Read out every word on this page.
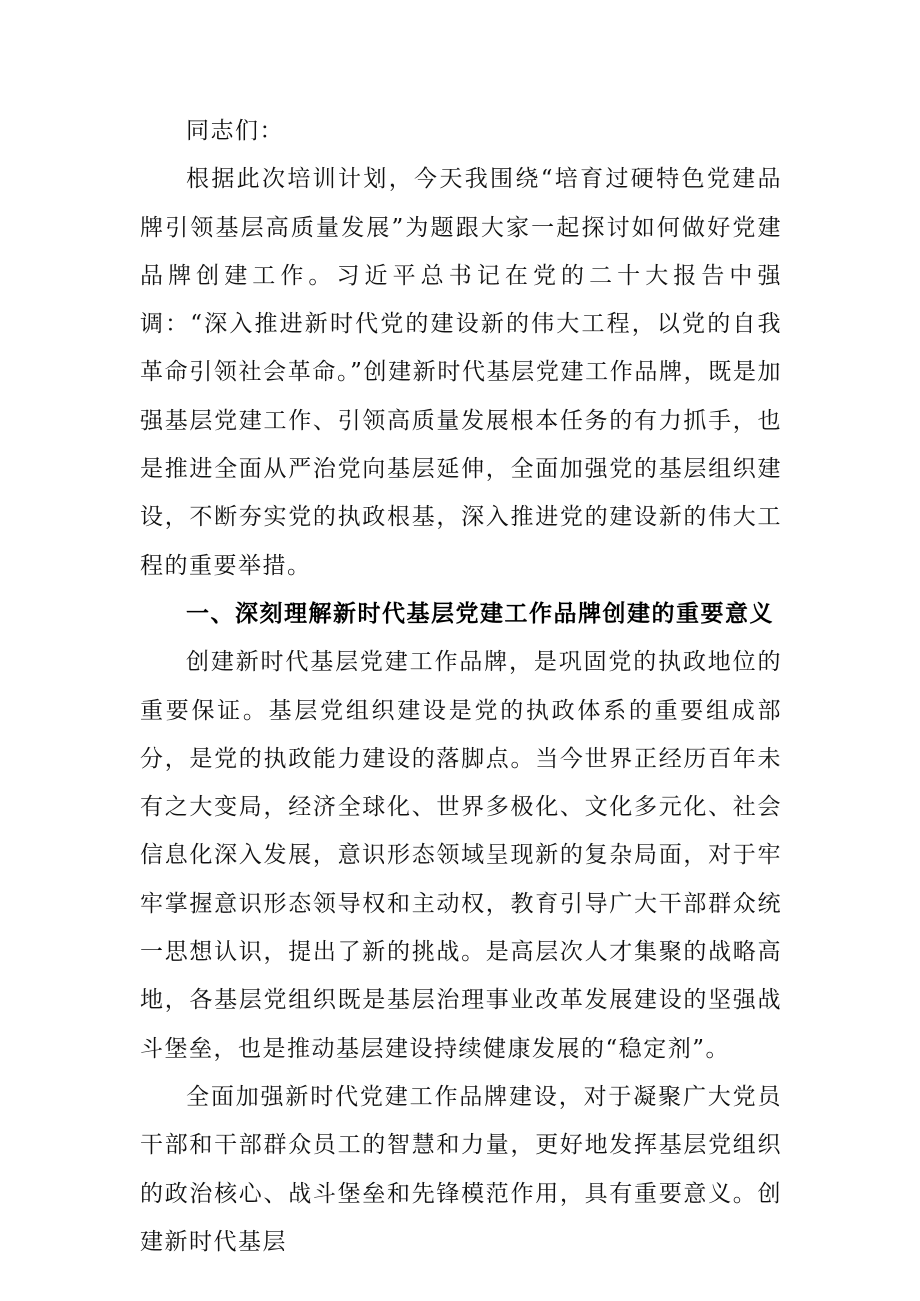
同志们：

根据此次培训计划，今天我围绕“培育过硬特色党建品牌引领基层高质量发展”为题跟大家一起探讨如何做好党建品牌创建工作。习近平总书记在党的二十大报告中强调：“深入推进新时代党的建设新的伟大工程，以党的自我革命引领社会革命。”创建新时代基层党建工作品牌，既是加强基层党建工作、引领高质量发展根本任务的有力抓手，也是推进全面从严治党向基层延伸，全面加强党的基层组织建设，不断夯实党的执政根基，深入推进党的建设新的伟大工程的重要举措。

一、深刻理解新时代基层党建工作品牌创建的重要意义

创建新时代基层党建工作品牌，是巩固党的执政地位的重要保证。基层党组织建设是党的执政体系的重要组成部分，是党的执政能力建设的落脚点。当今世界正经历百年未有之大变局，经济全球化、世界多极化、文化多元化、社会信息化深入发展，意识形态领域呈现新的复杂局面，对于牢牢掌握意识形态领导权和主动权，教育引导广大干部群众统一思想认识，提出了新的挑战。是高层次人才集聚的战略高地，各基层党组织既是基层治理事业改革发展建设的坚强战斗堡垒，也是推动基层建设持续健康发展的“稳定剂”。

全面加强新时代党建工作品牌建设，对于凝聚广大党员干部和干部群众员工的智慧和力量，更好地发挥基层党组织的政治核心、战斗堡垒和先锋模范作用，具有重要意义。创建新时代基层
